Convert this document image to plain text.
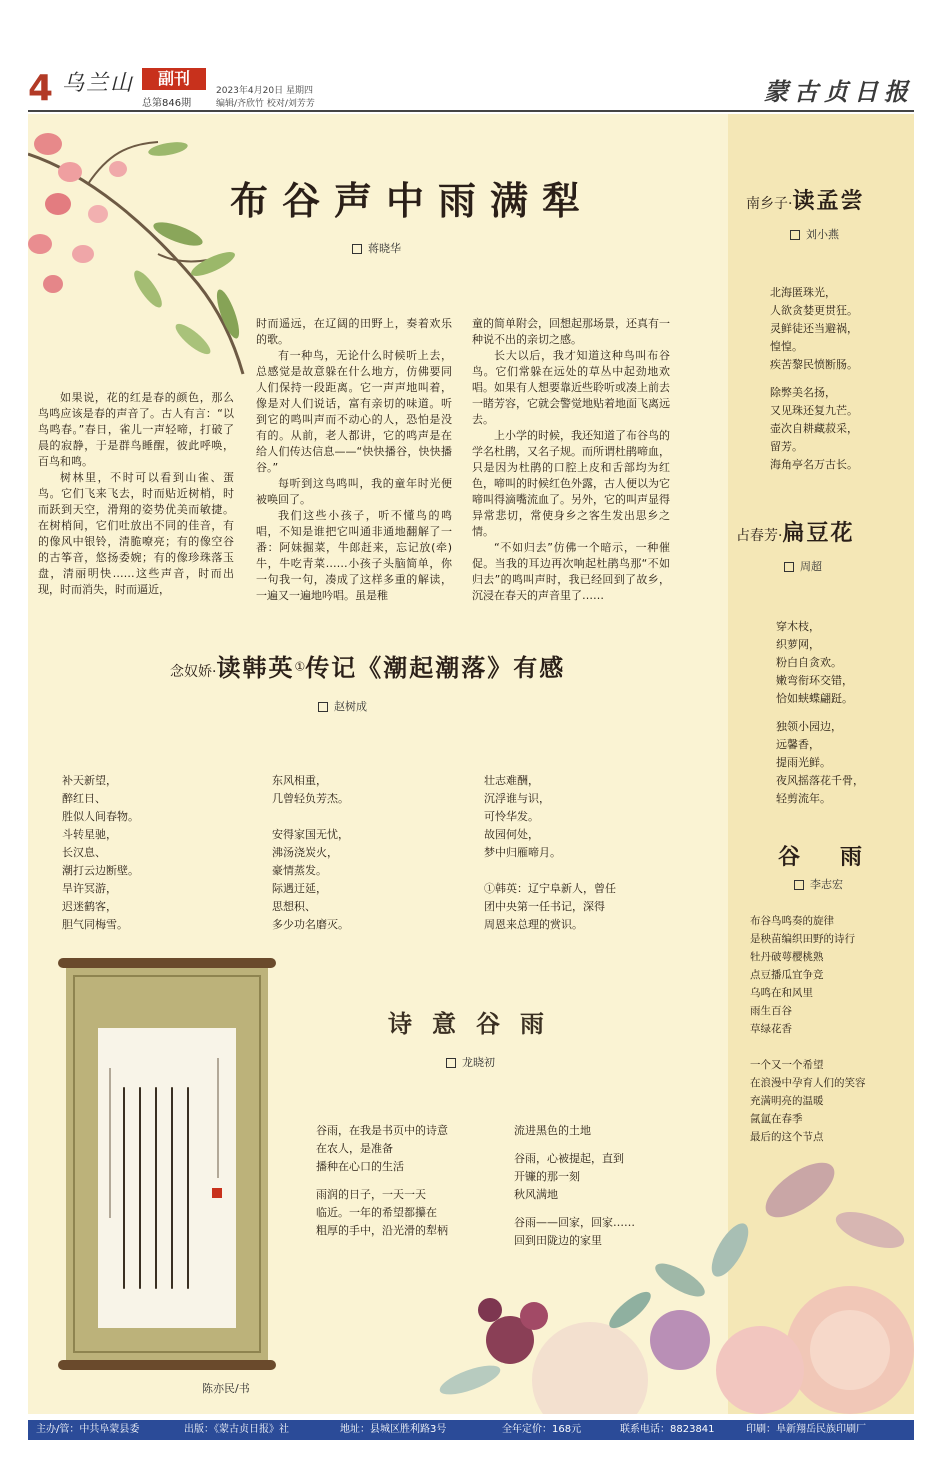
4 乌兰山	副刊
总第846期
2023年4月20日 星期四
编辑/齐欣竹 校对/刘芳芳	蒙古贞日报
布谷声中雨满犁
蒋晓华

如果说，花的红是春的颜色，那么鸟鸣应该是春的声音了。古人有言：“以鸟鸣春。”春日，雀儿一声轻啼，打破了晨的寂静，于是群鸟睡醒，彼此呼唤，百鸟和鸣。

树林里，不时可以看到山雀、蛋鸟。它们飞来飞去，时而贴近树梢，时而跃到天空，滑翔的姿势优美而敏捷。在树梢间，它们吐放出不同的佳音，有的像风中银铃，清脆嘹亮；有的像空谷的古筝音，悠扬委婉；有的像珍珠落玉盘，清丽明快……这些声音，时而出现，时而消失，时而逼近，

时而遥远，在辽阔的田野上，奏着欢乐的歌。

有一种鸟，无论什么时候听上去，总感觉是故意躲在什么地方，仿佛要同人们保持一段距离。它一声声地叫着，像是对人们说话，富有亲切的味道。听到它的鸣叫声而不动心的人，恐怕是没有的。从前，老人都讲，它的鸣声是在给人们传达信息——“快快播谷，快快播谷。”

每听到这鸟鸣叫，我的童年时光便被唤回了。

我们这些小孩子，听不懂鸟的鸣唱，不知是谁把它叫通非通地翻解了一番：阿妹掘菜，牛郎赶来，忘记放(牵)牛，牛吃青菜……小孩子头脑简单，你一句我一句，凑成了这样多重的解读，一遍又一遍地吟唱。虽是稚

童的简单附会，回想起那场景，还真有一种说不出的亲切之感。

长大以后，我才知道这种鸟叫布谷鸟。它们常躲在远处的草丛中起劲地欢唱。如果有人想要靠近些聆听或凑上前去一睹芳容，它就会警觉地贴着地面飞离远去。

上小学的时候，我还知道了布谷鸟的学名杜鹃，又名子规。而所谓杜鹃啼血，只是因为杜鹃的口腔上皮和舌部均为红色，啼叫的时候红色外露，古人便以为它啼叫得滴嘴流血了。另外，它的叫声显得异常悲切，常使身乡之客生发出思乡之情。

“不如归去”仿佛一个暗示，一种催促。当我的耳边再次响起杜鹃鸟那“不如归去”的鸣叫声时，我已经回到了故乡，沉浸在春天的声音里了……

念奴娇·读韩英①传记《潮起潮落》有感
赵树成
补天新望，
醉红日、
胜似人间春物。
斗转星驰，
长汉息、
潮打云边断壁。
旱许冥游，
迟迷鹤客，
胆气同梅雪。
东风相重，
几曾轻负芳杰。
安得家国无忧，
沸汤浇炭火，
豪情蒸发。
际遇迂延，
思想积、
多少功名磨灭。
壮志难酬，
沉浮谁与识，
可怜华发。
故园何处，
梦中归雁啼月。
①韩英：辽宁阜新人，曾任
团中央第一任书记，深得
周恩来总理的赏识。
陈亦民/书
诗意谷雨
龙晓初
谷雨，在我是书页中的诗意
在农人，是准备
播种在心口的生活
雨润的日子，一天一天
临近。一年的希望都攥在
粗厚的手中，沿光滑的犁柄
流进黑色的土地
谷雨，心被提起，直到
开镰的那一刻
秋风满地
谷雨——回家，回家……
回到田陇边的家里
南乡子·读孟尝
刘小燕
北海匿珠光，
人欲贪婪更贯狂。
灵鲜徒还当避祸，
惶惶。
疾苦黎民愤断肠。
除弊美名扬，
又见珠还复九芒。
壶次自耕藏菽采，
留芳。
海角亭名万古长。
占春芳·扁豆花
周超
穿木枝，
织萝网，
粉白自贪欢。
嫩弯衔环交错，
恰如蛱蝶翩跹。
独领小园边，
远馨香，
提雨光鲜。
夜风摇落花千骨，
轻剪流年。
谷雨
李志宏
布谷鸟鸣奏的旋律
是秧苗编织田野的诗行
牡丹破萼樱桃熟
点豆播瓜宜争竞
乌鸣在和风里
雨生百谷
草绿花香
一个又一个希望
在浪漫中孕育人们的笑容
充满明亮的温暖
氤氲在春季
最后的这个节点
主办/管：中共阜蒙县委	出版：《蒙古贞日报》社	地址：县城区胜利路3号	全年定价：168元	联系电话：8823841	印刷：阜新翔岳民族印刷厂
